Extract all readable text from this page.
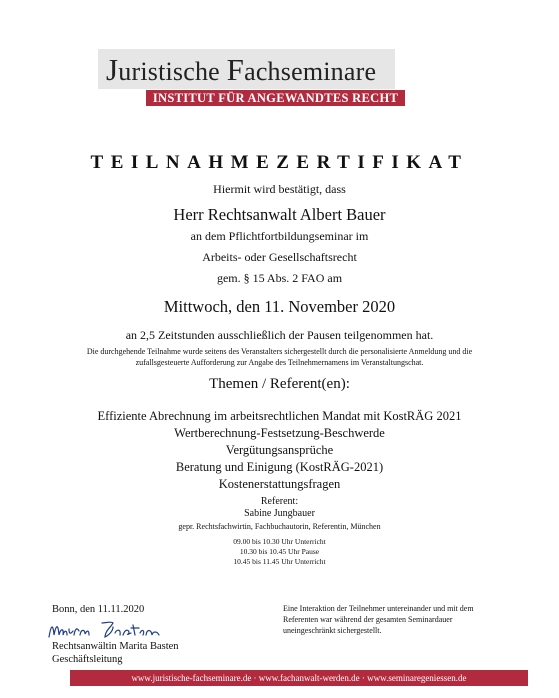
Juristische Fachseminare
INSTITUT FÜR ANGEWANDTES RECHT
TEILNAHMEZERTIFIKAT
Hiermit wird bestätigt, dass
Herr Rechtsanwalt Albert Bauer
an dem Pflichtfortbildungseminar im
Arbeits- oder Gesellschaftsrecht
gem. § 15 Abs. 2 FAO am
Mittwoch, den 11. November 2020
an 2,5 Zeitstunden ausschließlich der Pausen teilgenommen hat.
Die durchgehende Teilnahme wurde seitens des Veranstalters sichergestellt durch die personalisierte Anmeldung und die
zufallsgesteuerte Aufforderung zur Angabe des Teilnehmernamens im Veranstaltungschat.
Themen / Referent(en):
Effiziente Abrechnung im arbeitsrechtlichen Mandat mit KostRÄG 2021
Wertberechnung-Festsetzung-Beschwerde
Vergütungsansprüche
Beratung und Einigung (KostRÄG-2021)
Kostenerstattungsfragen
Referent:
Sabine Jungbauer
gepr. Rechtsfachwirtin, Fachbuchautorin, Referentin, München
09.00 bis 10.30 Uhr Unterricht
10.30 bis 10.45 Uhr Pause
10.45 bis 11.45 Uhr Unterricht
Bonn, den 11.11.2020
Marita Basten
Rechtsanwältin Marita Basten
Geschäftsleitung
Eine Interaktion der Teilnehmer untereinander und mit dem
Referenten war während der gesamten Seminardauer
uneingeschränkt sichergestellt.
www.juristische-fachseminare.de · www.fachanwalt-werden.de · www.seminaregeniessen.de
